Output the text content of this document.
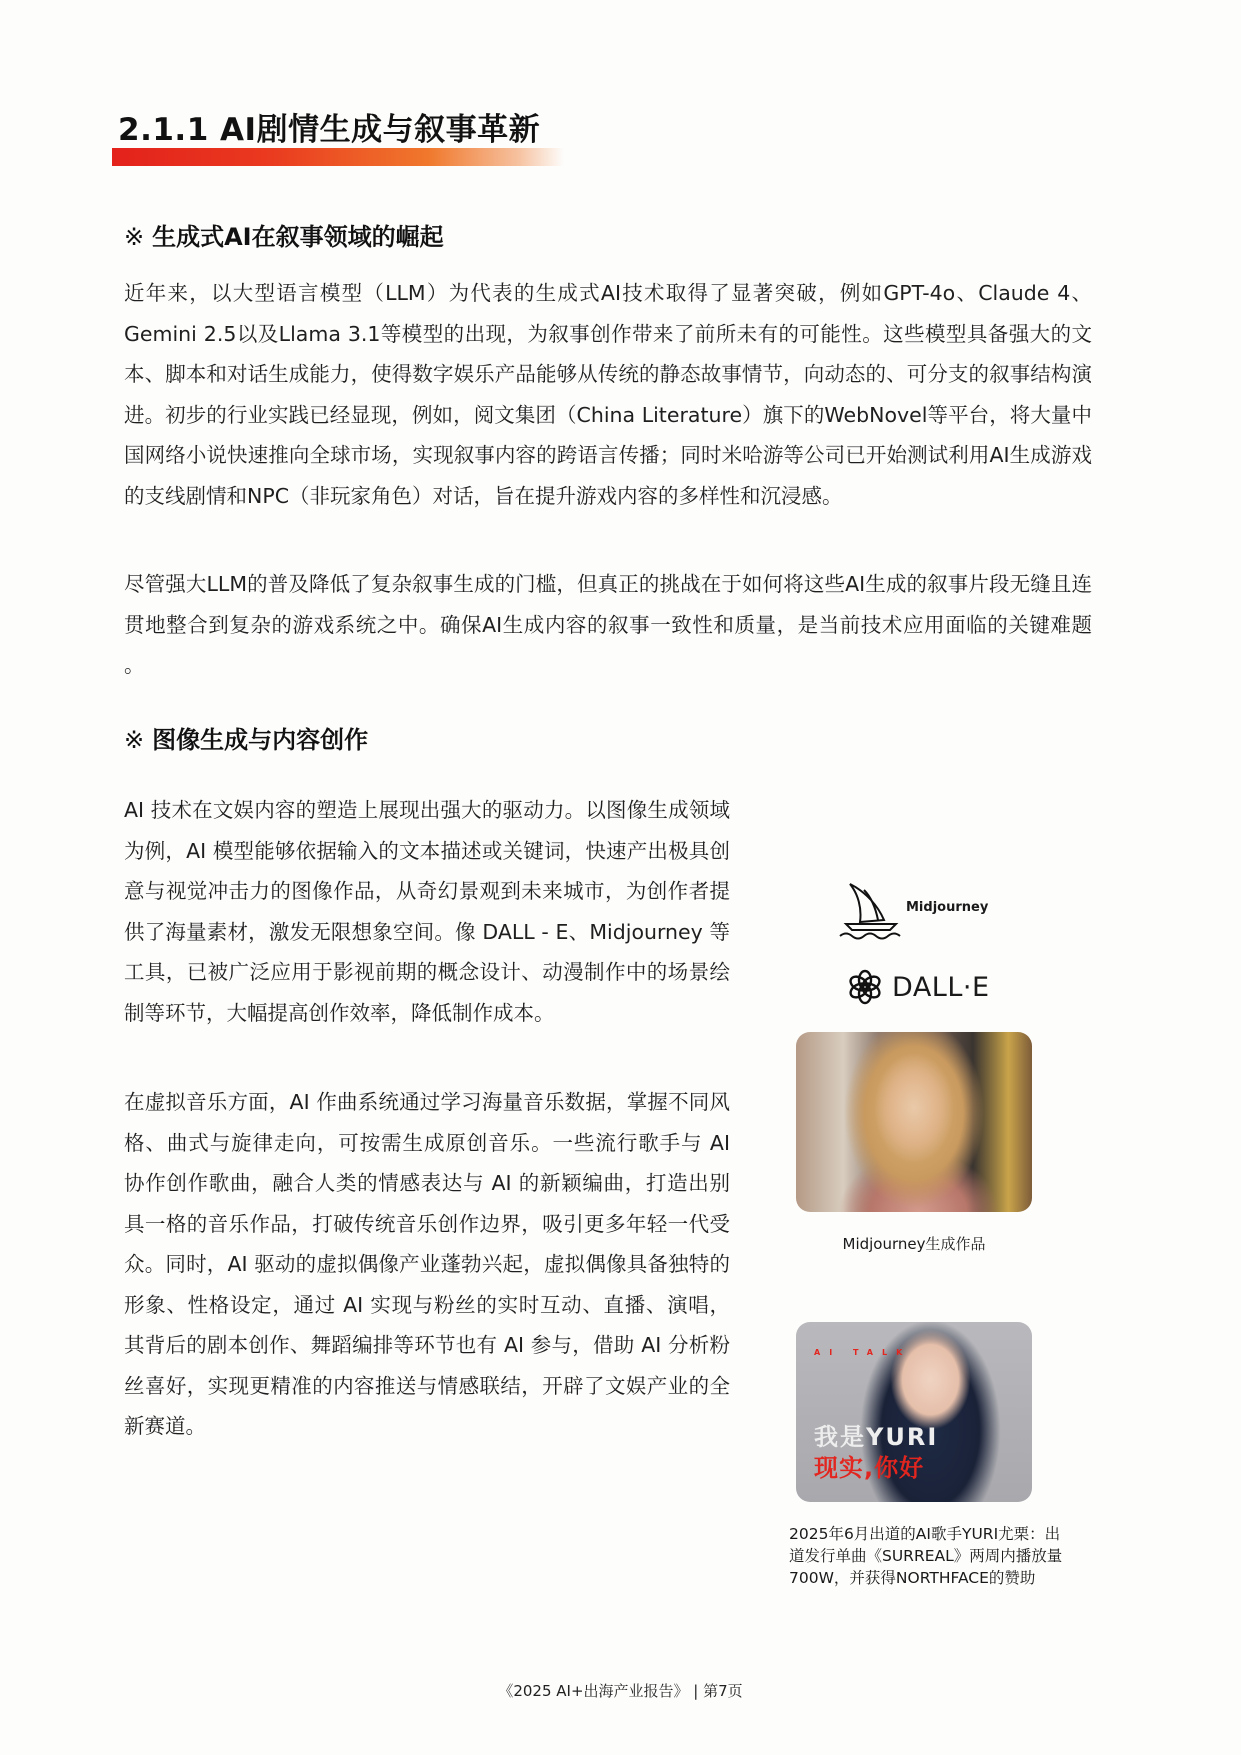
2.1.1 AI剧情生成与叙事革新
※ 生成式AI在叙事领域的崛起

近年来，以大型语言模型（LLM）为代表的生成式AI技术取得了显著突破，例如GPT-4o、Claude 4、Gemini 2.5以及Llama 3.1等模型的出现，为叙事创作带来了前所未有的可能性。这些模型具备强大的文本、脚本和对话生成能力，使得数字娱乐产品能够从传统的静态故事情节，向动态的、可分支的叙事结构演进。初步的行业实践已经显现，例如，阅文集团（China Literature）旗下的WebNovel等平台，将大量中国网络小说快速推向全球市场，实现叙事内容的跨语言传播；同时米哈游等公司已开始测试利用AI生成游戏的支线剧情和NPC（非玩家角色）对话，旨在提升游戏内容的多样性和沉浸感。

尽管强大LLM的普及降低了复杂叙事生成的门槛，但真正的挑战在于如何将这些AI生成的叙事片段无缝且连贯地整合到复杂的游戏系统之中。确保AI生成内容的叙事一致性和质量，是当前技术应用面临的关键难题 。

※ 图像生成与内容创作

AI 技术在文娱内容的塑造上展现出强大的驱动力。以图像生成领域为例，AI 模型能够依据输入的文本描述或关键词，快速产出极具创意与视觉冲击力的图像作品，从奇幻景观到未来城市，为创作者提供了海量素材，激发无限想象空间。像 DALL - E、Midjourney 等工具，已被广泛应用于影视前期的概念设计、动漫制作中的场景绘制等环节，大幅提高创作效率，降低制作成本。

在虚拟音乐方面，AI 作曲系统通过学习海量音乐数据，掌握不同风格、曲式与旋律走向，可按需生成原创音乐。一些流行歌手与 AI 协作创作歌曲，融合人类的情感表达与 AI 的新颖编曲，打造出别具一格的音乐作品，打破传统音乐创作边界，吸引更多年轻一代受众。同时，AI 驱动的虚拟偶像产业蓬勃兴起，虚拟偶像具备独特的形象、性格设定，通过 AI 实现与粉丝的实时互动、直播、演唱，其背后的剧本创作、舞蹈编排等环节也有 AI 参与，借助 AI 分析粉丝喜好，实现更精准的内容推送与情感联结，开辟了文娱产业的全新赛道。

Midjourney
DALL·E
Midjourney生成作品
AI TALK
我是YURI
现实,你好
2025年6月出道的AI歌手YURI尤栗：出道发行单曲《SURREAL》两周内播放量700W，并获得NORTHFACE的赞助
《2025 AI+出海产业报告》 | 第7页
